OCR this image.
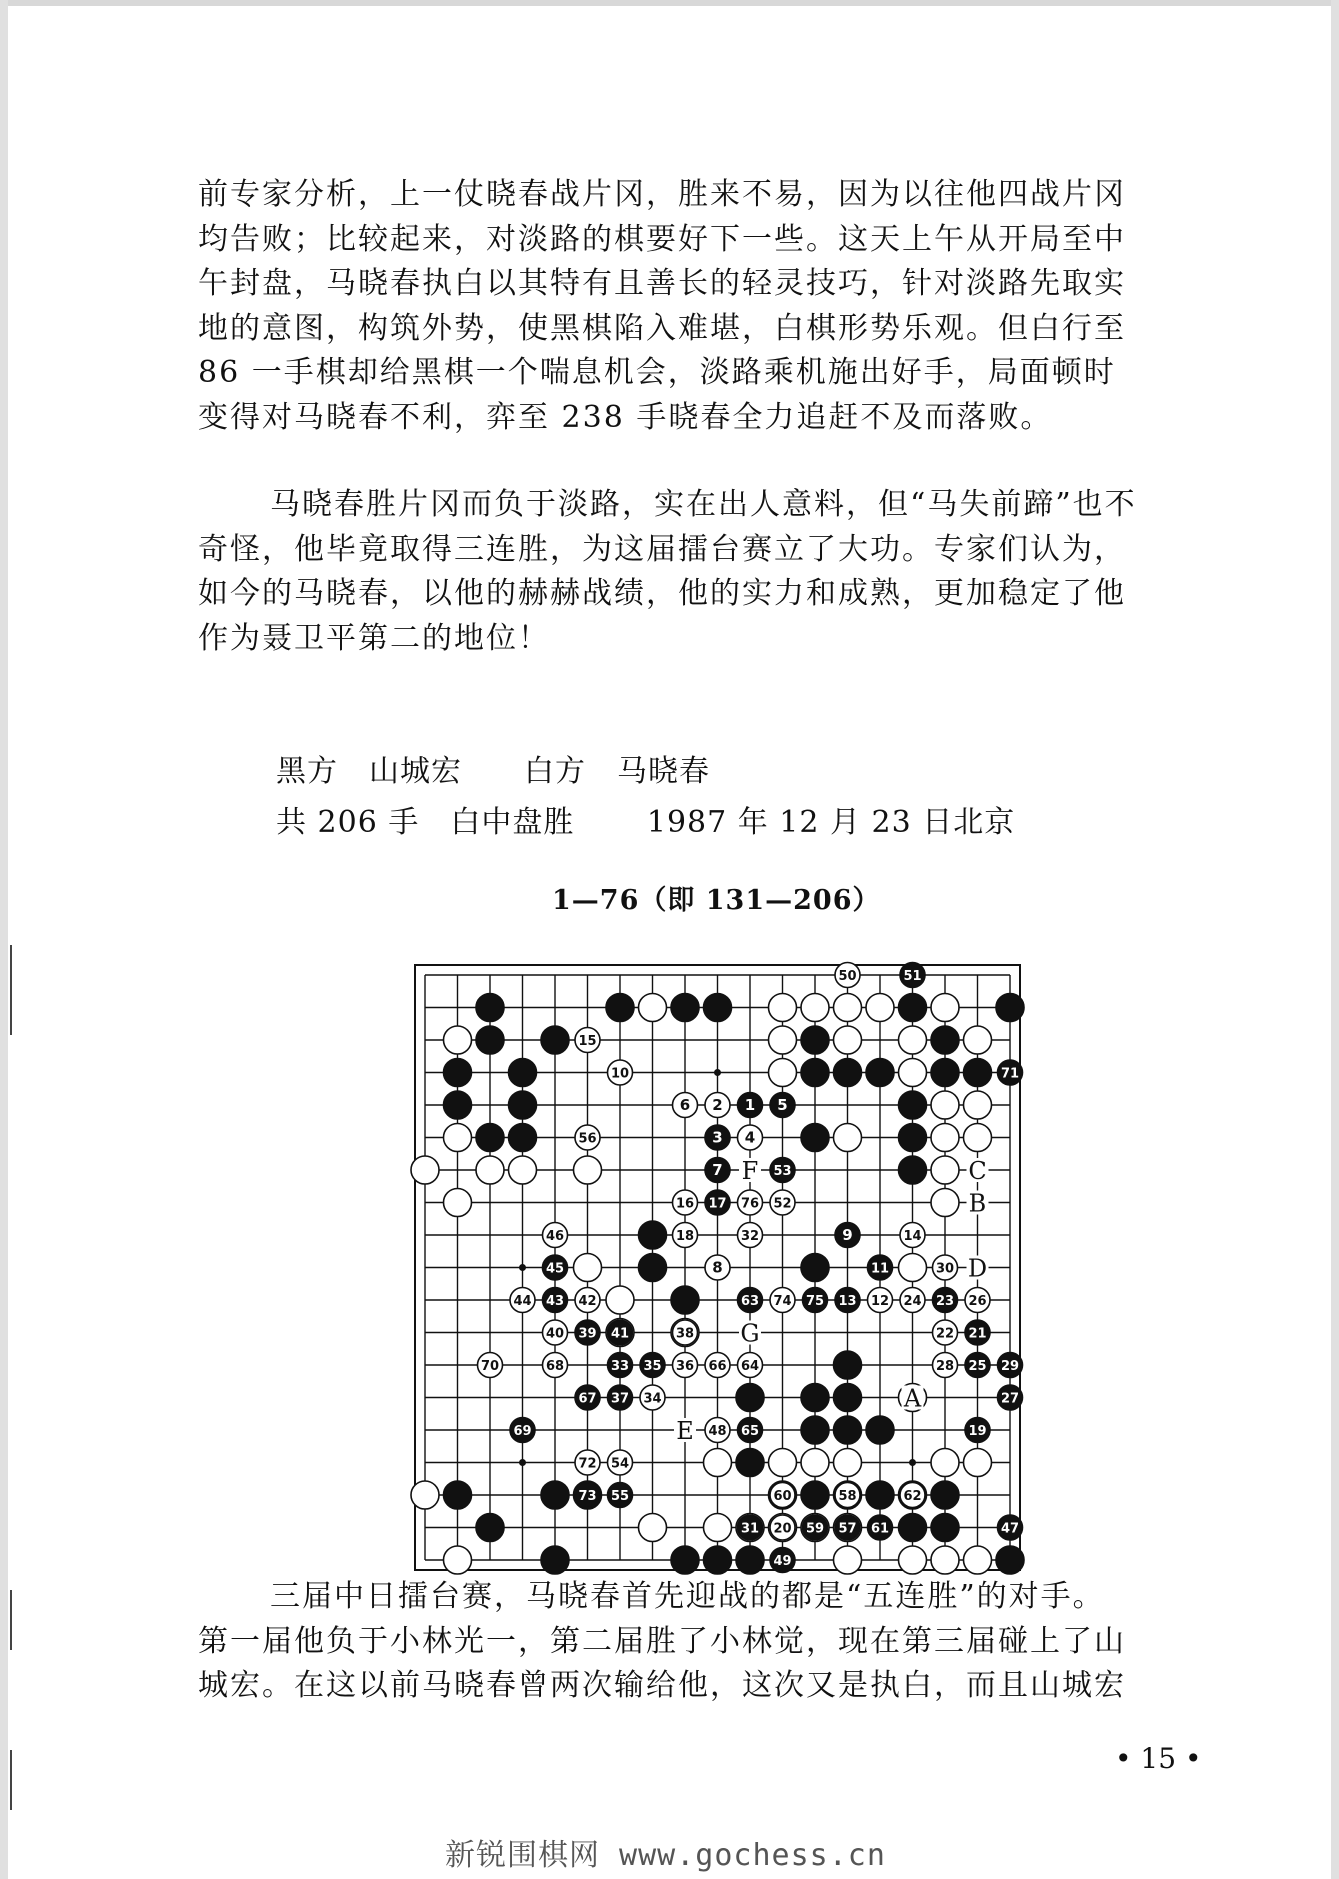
前专家分析，上一仗晓春战片冈，胜来不易，因为以往他四战片冈
均告败；比较起来，对淡路的棋要好下一些。这天上午从开局至中
午封盘，马晓春执白以其特有且善长的轻灵技巧，针对淡路先取实
地的意图，构筑外势，使黑棋陷入难堪，白棋形势乐观。但白行至
86 一手棋却给黑棋一个喘息机会，淡路乘机施出好手，局面顿时
变得对马晓春不利，弈至 238 手晓春全力追赶不及而落败。
马晓春胜片冈而负于淡路，实在出人意料，但“马失前蹄”也不
奇怪，他毕竟取得三连胜，为这届擂台赛立了大功。专家们认为，
如今的马晓春，以他的赫赫战绩，他的实力和成熟，更加稳定了他
作为聂卫平第二的地位！
黑方　山城宏　　白方　马晓春
共 206 手　白中盘胜　　 1987 年 12 月 23 日北京
1—76（即 131—206）
50	51
15
10	71
6 2 1 5
56	3 4
7	53
16 17 76 52
46	18	32	9	14
45	8	11	30
44 43 42	63 74 75 13 12 24 23 26
40 39 41	38	22 21
70	68	33 35 36 66 64	28 25 29
67 37 34	27
69	48 65	19
72 54
73 55	60	58	62
31 20 59 57 61	47
49
F	C
B
D
G
A
E
三届中日擂台赛，马晓春首先迎战的都是“五连胜”的对手。
第一届他负于小林光一，第二届胜了小林觉，现在第三届碰上了山
城宏。在这以前马晓春曾两次输给他，这次又是执白，而且山城宏
• 15 •
新锐围棋网 www.gochess.cn
